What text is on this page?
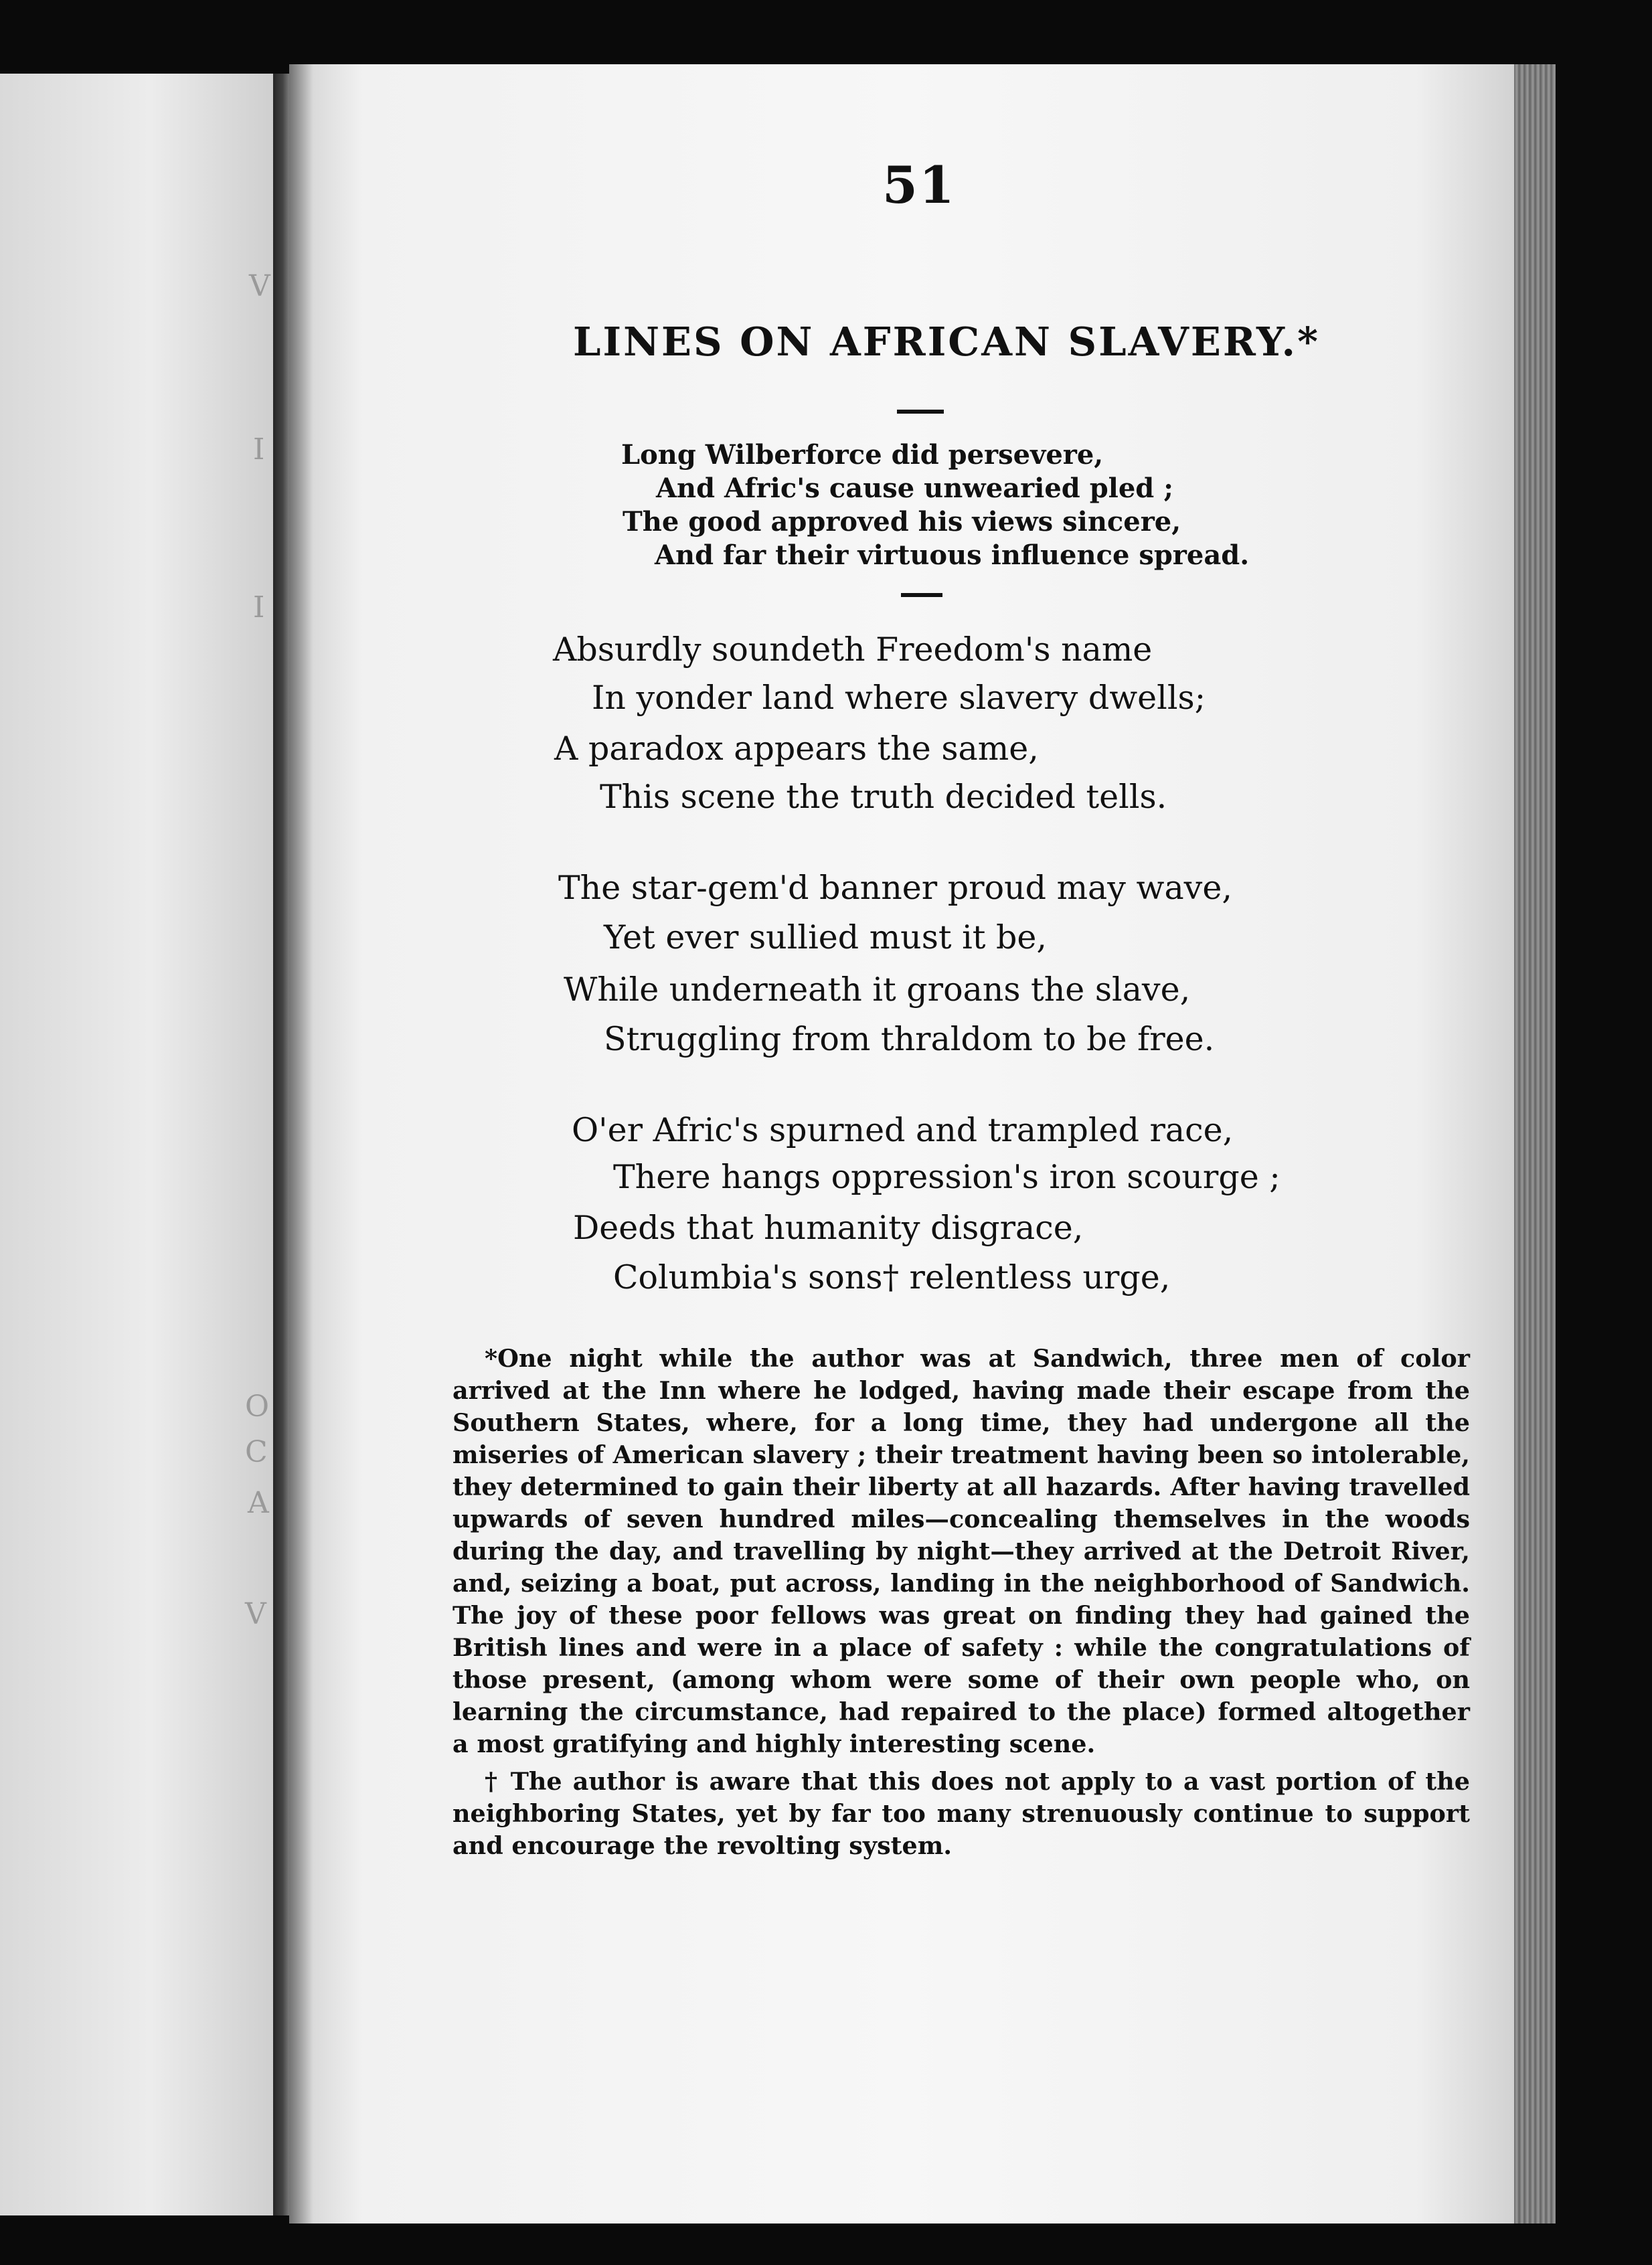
V
I
I
O
C
A
V
51
LINES ON AFRICAN SLAVERY.*
Long Wilberforce did persevere,
And Afric's cause unwearied pled ;
The good approved his views sincere,
And far their virtuous influence spread.
Absurdly soundeth Freedom's name
In yonder land where slavery dwells;
A paradox appears the same,
This scene the truth decided tells.
The star-gem'd banner proud may wave,
Yet ever sullied must it be,
While underneath it groans the slave,
Struggling from thraldom to be free.
O'er Afric's spurned and trampled race,
There hangs oppression's iron scourge ;
Deeds that humanity disgrace,
Columbia's sons† relentless urge,

*One night while the author was at Sandwich, three men of color arrived at the Inn where he lodged, having made their escape from the Southern States, where, for a long time, they had undergone all the miseries of American slavery ; their treatment having been so intolerable, they determined to gain their liberty at all hazards. After having travelled upwards of seven hundred miles—concealing themselves in the woods during the day, and travelling by night—they arrived at the Detroit River, and, seizing a boat, put across, landing in the neighborhood of Sandwich. The joy of these poor fellows was great on finding they had gained the British lines and were in a place of safety : while the congratulations of those present, (among whom were some of their own people who, on learning the circumstance, had repaired to the place) formed altogether a most gratifying and highly interesting scene.

† The author is aware that this does not apply to a vast portion of the neighboring States, yet by far too many strenuously continue to support and encourage the revolting system.
